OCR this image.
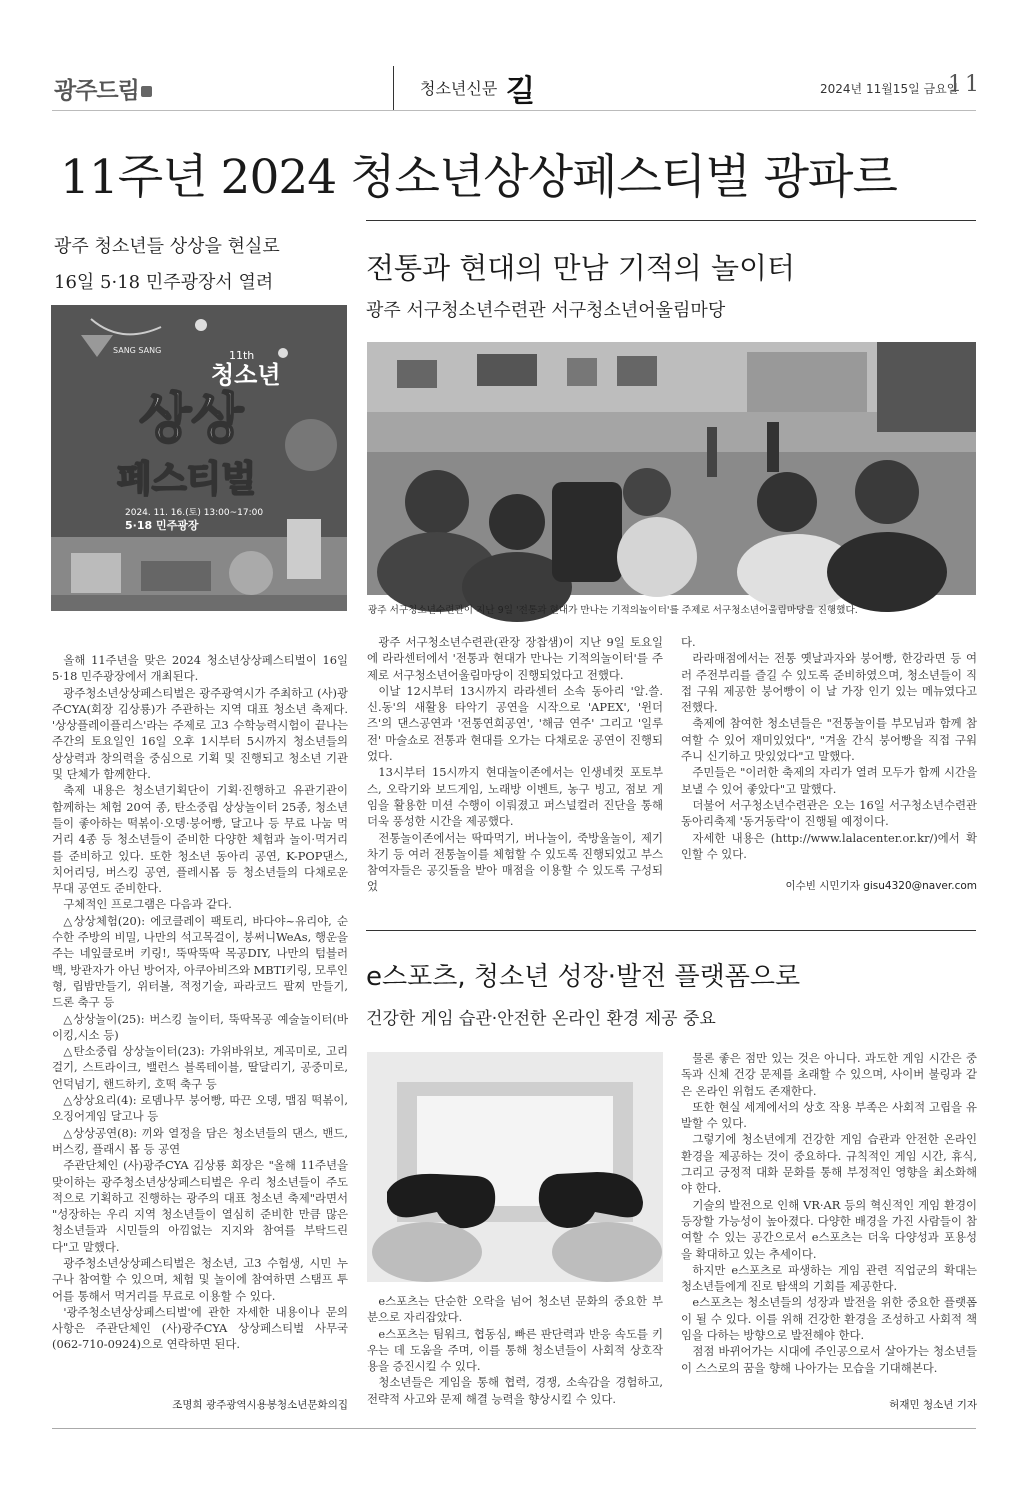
광주드림	청소년신문 길	2024년 11월15일 금요일
11
11주년 2024 청소년상상페스티벌 광파르
광주 청소년들 상상을 현실로
16일 5·18 민주광장서 열려
SANG SANG	11th
청소년
상상
페스티벌
2024. 11. 16.(토) 13:00~17:00
5·18 민주광장

올해 11주년을 맞은 2024 청소년상상페스티벌이 16일 5·18 민주광장에서 개최된다.

광주청소년상상페스티벌은 광주광역시가 주최하고 (사)광주CYA(회장 김상룡)가 주관하는 지역 대표 청소년 축제다. '상상플레이플리스'라는 주제로 고3 수학능력시험이 끝나는 주간의 토요일인 16일 오후 1시부터 5시까지 청소년들의 상상력과 창의력을 중심으로 기획 및 진행되고 청소년 기관 및 단체가 함께한다.

축제 내용은 청소년기획단이 기획·진행하고 유관기관이 함께하는 체험 20여 종, 탄소중립 상상놀이터 25종, 청소년들이 좋아하는 떡볶이·오뎅·붕어빵, 달고나 등 무료 나눔 먹거리 4종 등 청소년들이 준비한 다양한 체험과 놀이·먹거리를 준비하고 있다. 또한 청소년 동아리 공연, K-POP댄스, 치어리딩, 버스킹 공연, 플레시몹 등 청소년들의 다채로운 무대 공연도 준비한다.

구체적인 프로그램은 다음과 같다.

△상상체험(20): 에코클레이 팩토리, 바다야~유리야, 순수한 주방의 비밀, 나만의 석고목걸이, 붕써니WeAs, 행운을 주는 네잎클로버 키링!, 뚝딱뚝딱 목공DIY, 나만의 텀블러백, 방관자가 아닌 방어자, 아쿠아비즈와 MBTI키링, 모루인형, 립밤만들기, 위터볼, 적정기술, 파라코드 팔찌 만들기, 드론 축구 등

△상상놀이(25): 버스킹 놀이터, 뚝딱목공 예술놀이터(바이킹,시소 등)

△탄소중립 상상놀이터(23): 가위바위보, 계곡미로, 고리걸기, 스트라이크, 밸런스 블록테이블, 딸달리기, 공중미로, 언덕넘기, 핸드하키, 호떡 축구 등

△상상요리(4): 로뎀나무 붕어빵, 따끈 오뎅, 맵짐 떡볶이, 오징어게임 달고나 등

△상상공연(8): 끼와 열정을 담은 청소년들의 댄스, 밴드, 버스킹, 플래시 몹 등 공연

주관단체인 (사)광주CYA 김상룡 회장은 "올해 11주년을 맞이하는 광주청소년상상페스티벌은 우리 청소년들이 주도적으로 기획하고 진행하는 광주의 대표 청소년 축제"라면서 "성장하는 우리 지역 청소년들이 열심히 준비한 만큼 많은 청소년들과 시민들의 아낌없는 지지와 참여를 부탁드린다"고 말했다.

광주청소년상상페스티벌은 청소년, 고3 수험생, 시민 누구나 참여할 수 있으며, 체험 및 놀이에 참여하면 스탬프 투어를 통해서 먹거리를 무료로 이용할 수 있다.

'광주청소년상상페스티벌'에 관한 자세한 내용이나 문의 사항은 주관단체인 (사)광주CYA 상상페스티벌 사무국(062-710-0924)으로 연락하면 된다.

조명희 광주광역시용봉청소년문화의집
전통과 현대의 만남 기적의 놀이터
광주 서구청소년수련관 서구청소년어울림마당
광주 서구청소년수련관이 지난 9일 '전통과 현대가 만나는 기적의놀이터'를 주제로 서구청소년어울림마당을 진행했다.

광주 서구청소년수련관(관장 장찹샘)이 지난 9일 토요일에 라라센터에서 '전통과 현대가 만나는 기적의놀이터'를 주제로 서구청소년어울림마당이 진행되었다고 전했다.

이날 12시부터 13시까지 라라센터 소속 동아리 '알.쓸.신.동'의 새활용 타악기 공연을 시작으로 'APEX', '윈더즈'의 댄스공연과 '전통연희공연', '해금 연주' 그리고 '일루전' 마술쇼로 전통과 현대를 오가는 다채로운 공연이 진행되었다.

13시부터 15시까지 현대놀이존에서는 인생네컷 포토부스, 오락기와 보드게임, 노래방 이벤트, 농구 빙고, 점보 게임을 활용한 미션 수행이 이뤄졌고 퍼스널컬러 진단을 통해 더욱 풍성한 시간을 제공했다.

전통놀이존에서는 딱따먹기, 버나놀이, 죽방울놀이, 제기차기 등 여러 전통놀이를 체험할 수 있도록 진행되었고 부스 참여자들은 공깃돌을 받아 매점을 이용할 수 있도록 구성되었

다.

라라매점에서는 전통 옛날과자와 붕어빵, 한강라면 등 여러 주전부리를 즐길 수 있도록 준비하였으며, 청소년들이 직접 구워 제공한 붕어빵이 이 날 가장 인기 있는 메뉴였다고 전했다.

축제에 참여한 청소년들은 "전통놀이를 부모님과 함께 참여할 수 있어 재미있었다", "겨울 간식 붕어빵을 직접 구워주니 신기하고 맛있었다"고 말했다.

주민들은 "이러한 축제의 자리가 열려 모두가 함께 시간을 보낼 수 있어 좋았다"고 말했다.

더불어 서구청소년수련관은 오는 16일 서구청소년수련관 동아리축제 '동거동락'이 진행될 예정이다.

자세한 내용은 (http://www.lalacenter.or.kr/)에서 확인할 수 있다.

이수빈 시민기자 gisu4320@naver.com
e스포츠, 청소년 성장·발전 플랫폼으로
건강한 게임 습관·안전한 온라인 환경 제공 중요

e스포츠는 단순한 오락을 넘어 청소년 문화의 중요한 부분으로 자리잡았다.

e스포츠는 팀워크, 협동심, 빠른 판단력과 반응 속도를 키우는 데 도움을 주며, 이를 통해 청소년들이 사회적 상호작용을 증진시킬 수 있다.

청소년들은 게임을 통해 협력, 경쟁, 소속감을 경험하고, 전략적 사고와 문제 해결 능력을 향상시킬 수 있다.

물론 좋은 점만 있는 것은 아니다. 과도한 게임 시간은 중독과 신체 건강 문제를 초래할 수 있으며, 사이버 불링과 같은 온라인 위험도 존재한다.

또한 현실 세계에서의 상호 작용 부족은 사회적 고립을 유발할 수 있다.

그렇기에 청소년에게 건강한 게임 습관과 안전한 온라인 환경을 제공하는 것이 중요하다. 규칙적인 게임 시간, 휴식, 그리고 긍정적 대화 문화를 통해 부정적인 영향을 최소화해야 한다.

기술의 발전으로 인해 VR·AR 등의 혁신적인 게임 환경이 등장할 가능성이 높아졌다. 다양한 배경을 가진 사람들이 참여할 수 있는 공간으로서 e스포츠는 더욱 다양성과 포용성을 확대하고 있는 추세이다.

하지만 e스포츠로 파생하는 게임 관련 직업군의 확대는 청소년들에게 진로 탐색의 기회를 제공한다.

e스포츠는 청소년들의 성장과 발전을 위한 중요한 플랫폼이 될 수 있다. 이를 위해 건강한 환경을 조성하고 사회적 책임을 다하는 방향으로 발전해야 한다.

점점 바뀌어가는 시대에 주인공으로서 살아가는 청소년들이 스스로의 꿈을 향해 나아가는 모습을 기대해본다.

허재민 청소년 기자
